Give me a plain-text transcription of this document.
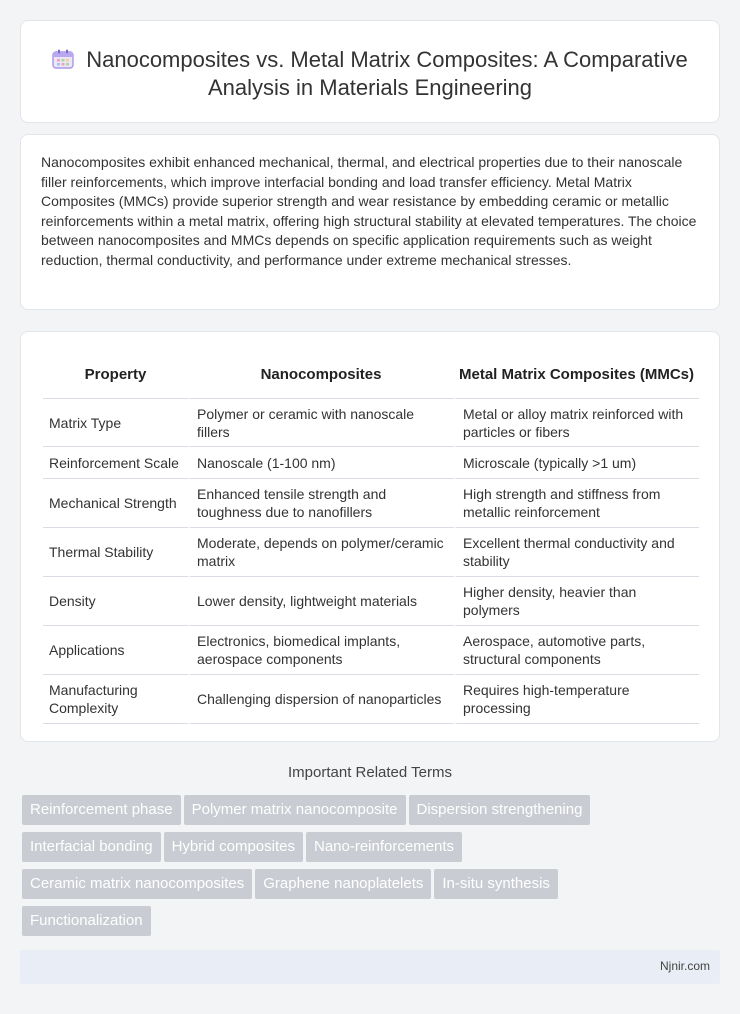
Nanocomposites vs. Metal Matrix Composites: A Comparative Analysis in Materials Engineering

Nanocomposites exhibit enhanced mechanical, thermal, and electrical properties due to their nanoscale filler reinforcements, which improve interfacial bonding and load transfer efficiency. Metal Matrix Composites (MMCs) provide superior strength and wear resistance by embedding ceramic or metallic reinforcements within a metal matrix, offering high structural stability at elevated temperatures. The choice between nanocomposites and MMCs depends on specific application requirements such as weight reduction, thermal conductivity, and performance under extreme mechanical stresses.

Property	Nanocomposites	Metal Matrix Composites (MMCs)
Matrix Type	Polymer or ceramic with nanoscale fillers	Metal or alloy matrix reinforced with particles or fibers
Reinforcement Scale	Nanoscale (1-100 nm)	Microscale (typically >1 um)
Mechanical Strength	Enhanced tensile strength and toughness due to nanofillers	High strength and stiffness from metallic reinforcement
Thermal Stability	Moderate, depends on polymer/ceramic matrix	Excellent thermal conductivity and stability
Density	Lower density, lightweight materials	Higher density, heavier than polymers
Applications	Electronics, biomedical implants, aerospace components	Aerospace, automotive parts, structural components
Manufacturing Complexity	Challenging dispersion of nanoparticles	Requires high-temperature processing
Important Related Terms
Reinforcement phase Polymer matrix nanocomposite Dispersion strengthening
Interfacial bonding Hybrid composites Nano-reinforcements
Ceramic matrix nanocomposites Graphene nanoplatelets In-situ synthesis
Functionalization
Njnir.com
